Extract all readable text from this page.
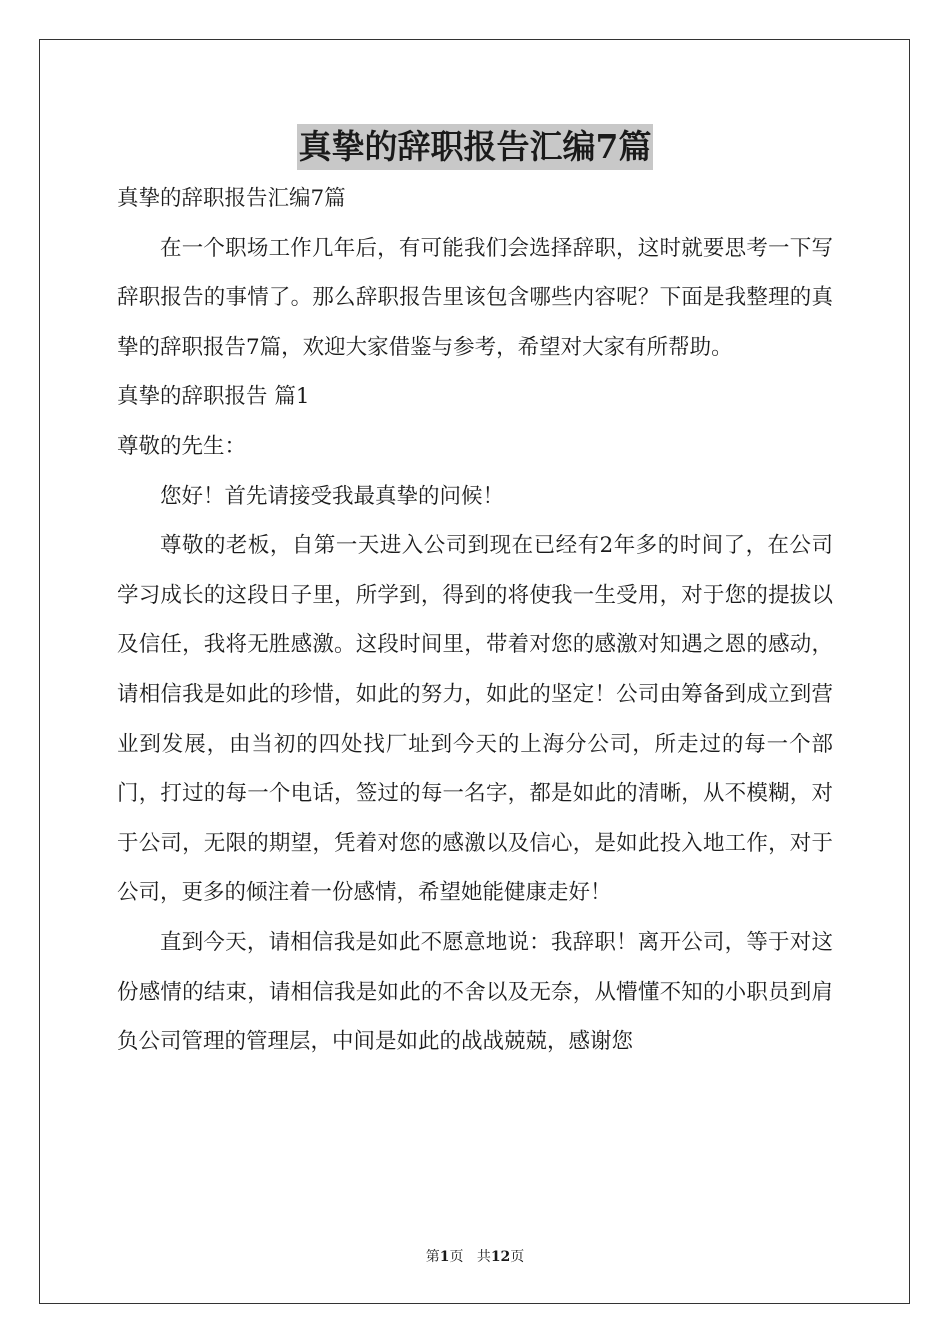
真挚的辞职报告汇编7篇

真挚的辞职报告汇编7篇

在一个职场工作几年后，有可能我们会选择辞职，这时就要思考一下写辞职报告的事情了。那么辞职报告里该包含哪些内容呢？下面是我整理的真挚的辞职报告7篇，欢迎大家借鉴与参考，希望对大家有所帮助。

真挚的辞职报告 篇1

尊敬的先生：

您好！首先请接受我最真挚的问候！

尊敬的老板，自第一天进入公司到现在已经有2年多的时间了，在公司学习成长的这段日子里，所学到，得到的将使我一生受用，对于您的提拔以及信任，我将无胜感激。这段时间里，带着对您的感激对知遇之恩的感动，请相信我是如此的珍惜，如此的努力，如此的坚定！公司由筹备到成立到营业到发展，由当初的四处找厂址到今天的上海分公司，所走过的每一个部门，打过的每一个电话，签过的每一名字，都是如此的清晰，从不模糊，对于公司，无限的期望，凭着对您的感激以及信心，是如此投入地工作，对于公司，更多的倾注着一份感情，希望她能健康走好！

直到今天，请相信我是如此不愿意地说：我辞职！离开公司，等于对这份感情的结束，请相信我是如此的不舍以及无奈，从懵懂不知的小职员到肩负公司管理的管理层，中间是如此的战战兢兢，感谢您

第1页 共12页
